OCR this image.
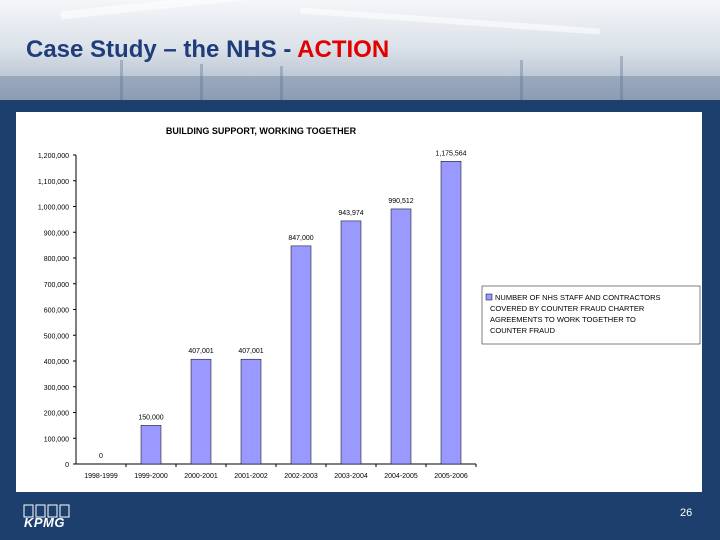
Case Study – the NHS - ACTION
BUILDING SUPPORT, WORKING TOGETHER
0
100,000
200,000
300,000
400,000
500,000
600,000
700,000
800,000
900,000
1,000,000
1,100,000
1,200,000
0
1998-1999
150,000
1999-2000
407,001
2000-2001
407,001
2001-2002
847,000
2002-2003
943,974
2003-2004
990,512
2004-2005
1,175,564
2005-2006
NUMBER OF NHS STAFF AND CONTRACTORS COVERED BY COUNTER FRAUD CHARTER AGREEMENTS TO WORK TOGETHER TO COUNTER FRAUD
KPMG
26
